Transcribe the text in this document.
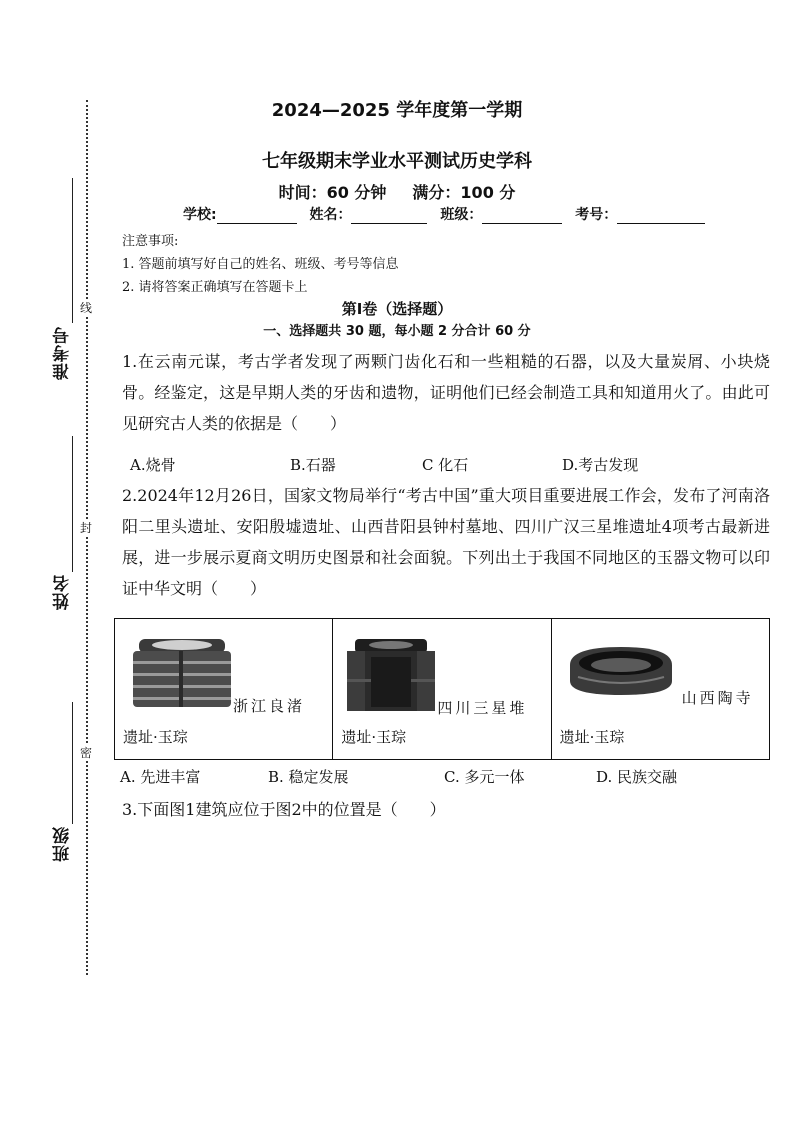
线
封
密
准考号
姓名
班级
2024—2025 学年度第一学期
七年级期末学业水平测试历史学科
时间：60 分钟 满分：100 分
学校:	姓名：	班级：	考号：
注意事项:
1. 答题前填写好自己的姓名、班级、考号等信息
2. 请将答案正确填写在答题卡上
第Ⅰ卷（选择题）
一、选择题共 30 题，每小题 2 分合计 60 分
1.在云南元谋，考古学者发现了两颗门齿化石和一些粗糙的石器，以及大量炭屑、小块烧骨。经鉴定，这是早期人类的牙齿和遗物，证明他们已经会制造工具和知道用火了。由此可见研究古人类的依据是（　　）
A.烧骨	B.石器	C 化石	D.考古发现
2.2024年12月26日，国家文物局举行“考古中国”重大项目重要进展工作会，发布了河南洛阳二里头遗址、安阳殷墟遗址、山西昔阳县钟村墓地、四川广汉三星堆遗址4项考古最新进展，进一步展示夏商文明历史图景和社会面貌。下列出土于我国不同地区的玉器文物可以印证中华文明（　　）
浙江良渚
遗址·玉琮
四川三星堆
遗址·玉琮
山西陶寺
遗址·玉琮
A. 先进丰富	B. 稳定发展	C. 多元一体	D. 民族交融
3.下面图1建筑应位于图2中的位置是（　　）
